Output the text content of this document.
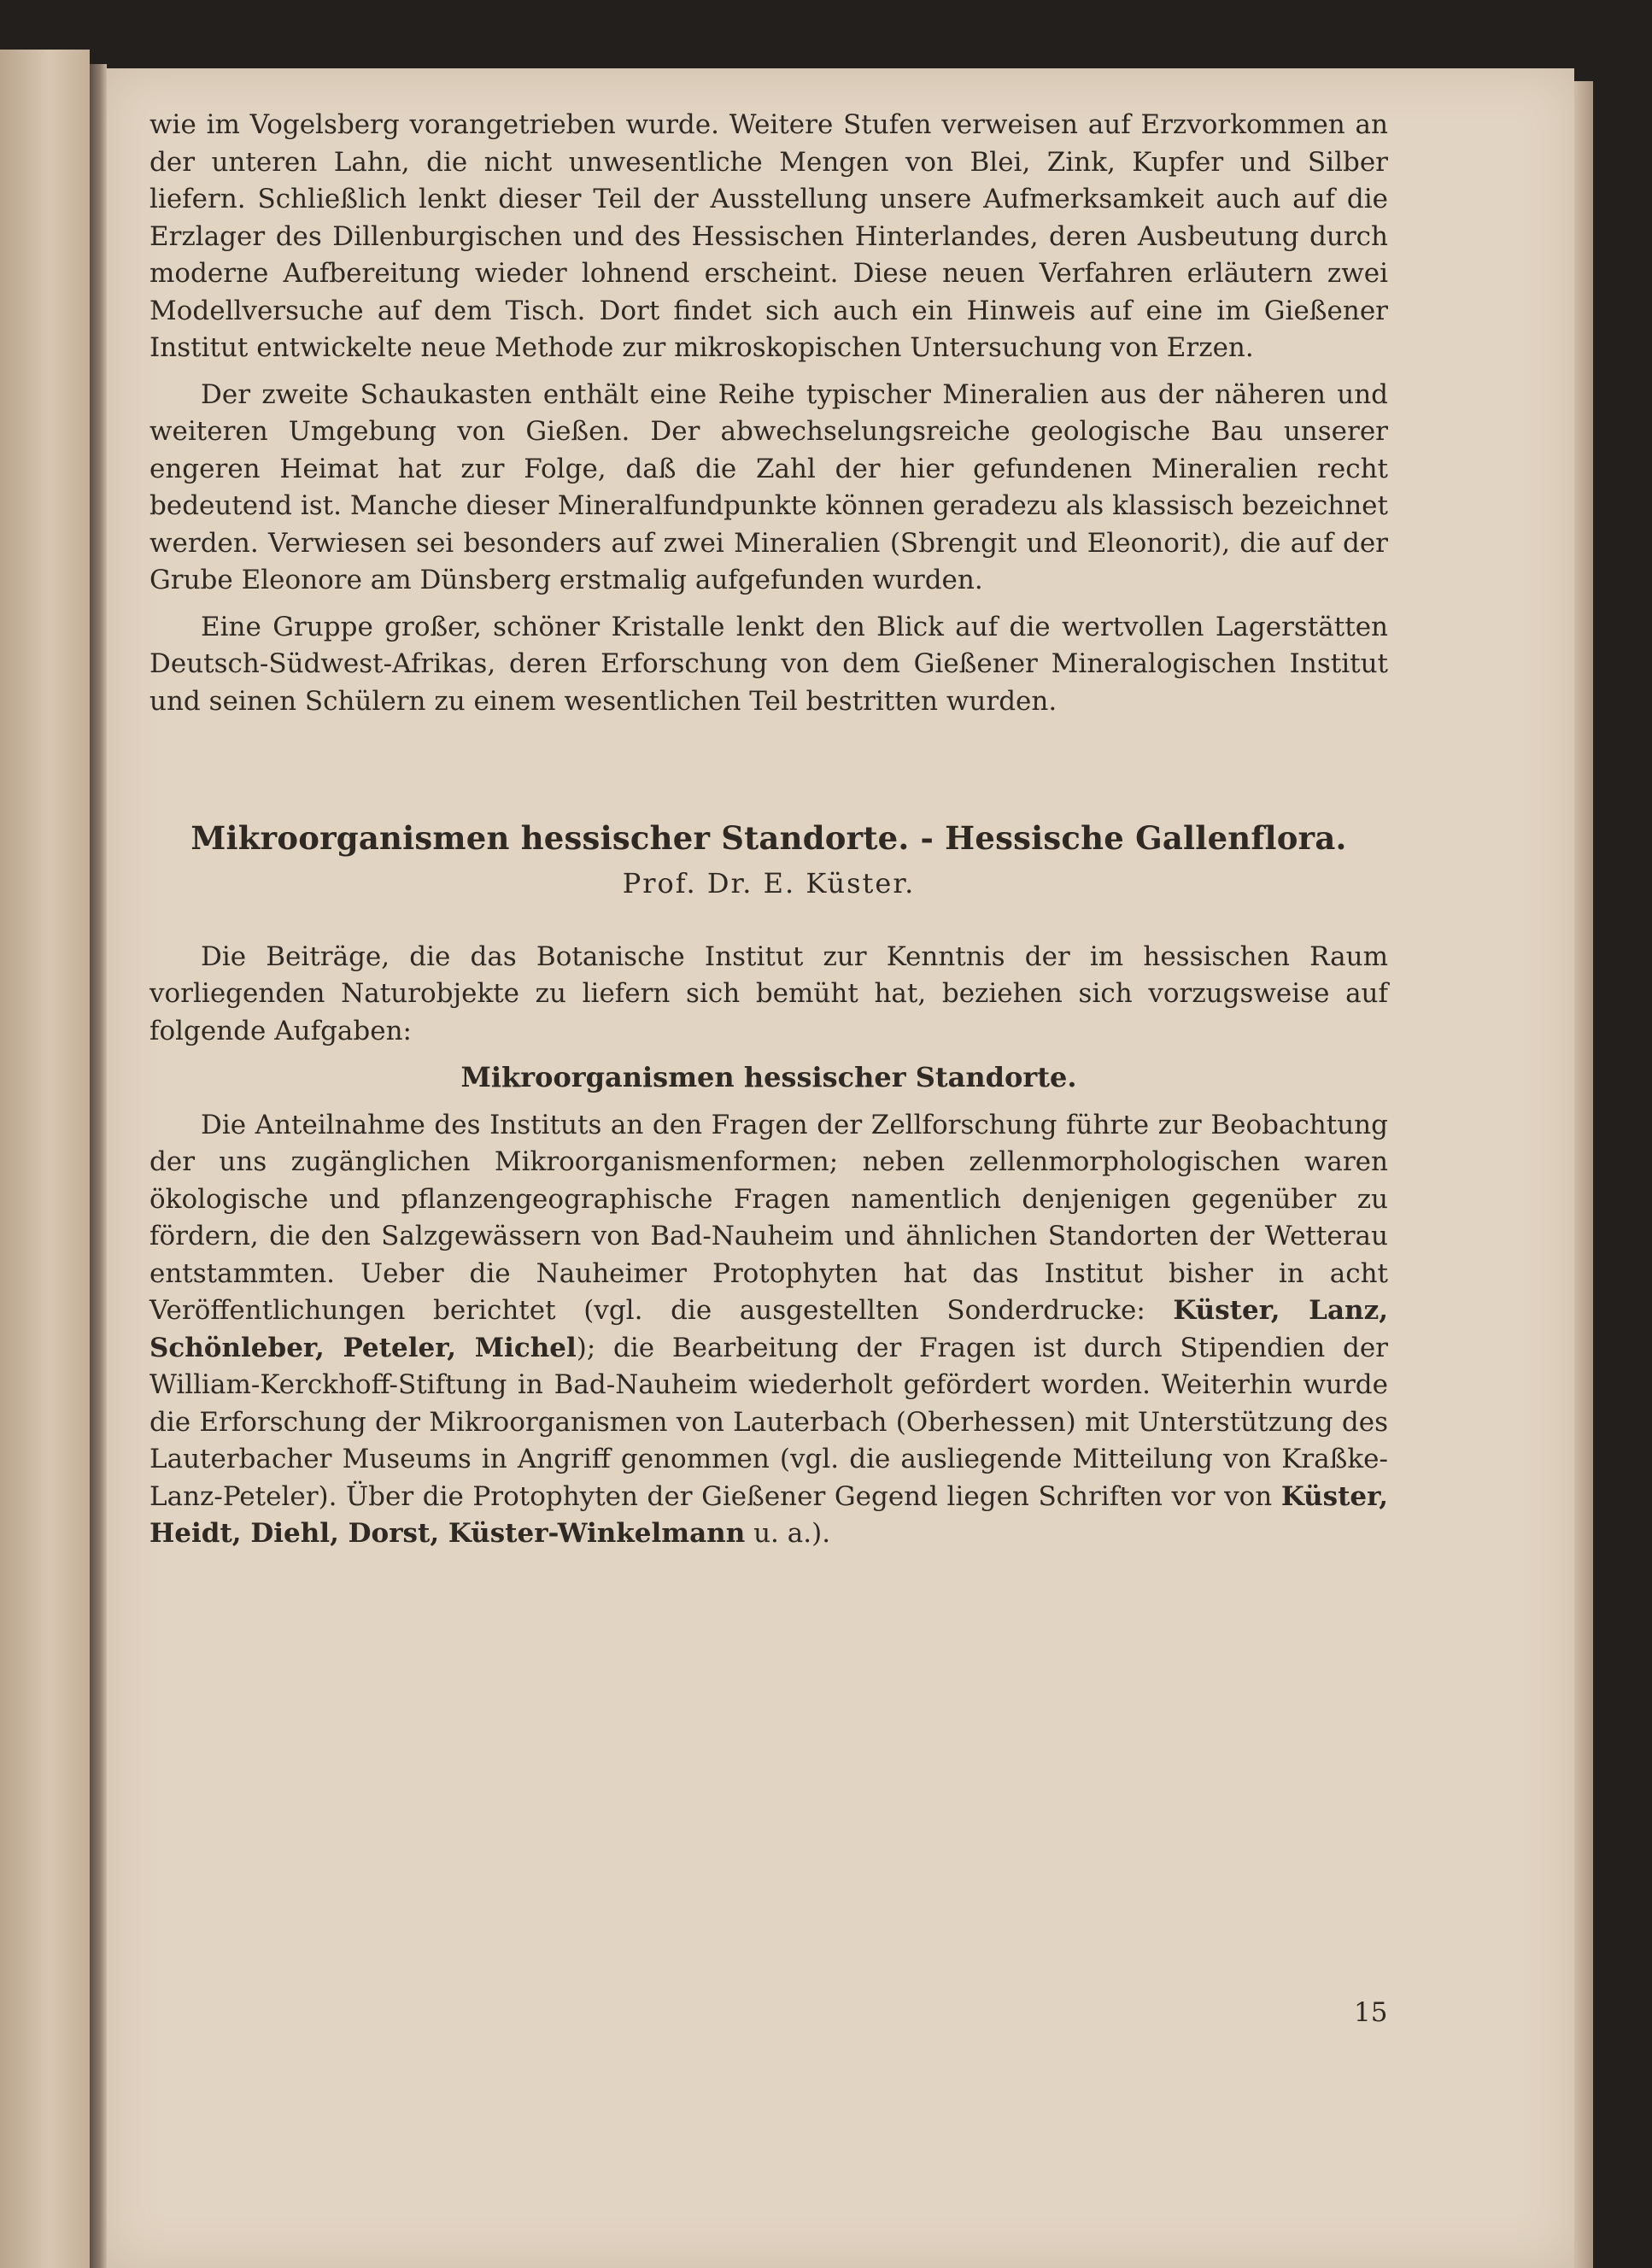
wie im Vogelsberg vorangetrieben wurde. Weitere Stufen verweisen auf Erzvorkommen an der unteren Lahn, die nicht unwesentliche Mengen von Blei, Zink, Kupfer und Silber liefern. Schließlich lenkt dieser Teil der Ausstellung unsere Aufmerksamkeit auch auf die Erzlager des Dillenburgischen und des Hessischen Hinterlandes, deren Ausbeutung durch moderne Aufbereitung wieder lohnend erscheint. Diese neuen Verfahren erläutern zwei Modellversuche auf dem Tisch. Dort findet sich auch ein Hinweis auf eine im Gießener Institut entwickelte neue Methode zur mikroskopischen Untersuchung von Erzen.

Der zweite Schaukasten enthält eine Reihe typischer Mineralien aus der näheren und weiteren Umgebung von Gießen. Der abwechselungsreiche geologische Bau unserer engeren Heimat hat zur Folge, daß die Zahl der hier gefundenen Mineralien recht bedeutend ist. Manche dieser Mineralfundpunkte können geradezu als klassisch bezeichnet werden. Verwiesen sei besonders auf zwei Mineralien (Sbrengit und Eleonorit), die auf der Grube Eleonore am Dünsberg erstmalig aufgefunden wurden.

Eine Gruppe großer, schöner Kristalle lenkt den Blick auf die wertvollen Lagerstätten Deutsch-Südwest-Afrikas, deren Erforschung von dem Gießener Mineralogischen Institut und seinen Schülern zu einem wesentlichen Teil bestritten wurden.

Mikroorganismen hessischer Standorte. - Hessische Gallenflora.
Prof. Dr. E. Küster.

Die Beiträge, die das Botanische Institut zur Kenntnis der im hessischen Raum vorliegenden Naturobjekte zu liefern sich bemüht hat, beziehen sich vorzugsweise auf folgende Aufgaben:

Mikroorganismen hessischer Standorte.

Die Anteilnahme des Instituts an den Fragen der Zellforschung führte zur Beobachtung der uns zugänglichen Mikroorganismenformen; neben zellenmorphologischen waren ökologische und pflanzengeographische Fragen namentlich denjenigen gegenüber zu fördern, die den Salzgewässern von Bad-Nauheim und ähnlichen Standorten der Wetterau entstammten. Ueber die Nauheimer Protophyten hat das Institut bisher in acht Veröffentlichungen berichtet (vgl. die ausgestellten Sonderdrucke: Küster, Lanz, Schönleber, Peteler, Michel); die Bearbeitung der Fragen ist durch Stipendien der William-Kerckhoff-Stiftung in Bad-Nauheim wiederholt gefördert worden. Weiterhin wurde die Erforschung der Mikroorganismen von Lauterbach (Oberhessen) mit Unterstützung des Lauterbacher Museums in Angriff genommen (vgl. die ausliegende Mitteilung von Kraßke-Lanz-Peteler). Über die Protophyten der Gießener Gegend liegen Schriften vor von Küster, Heidt, Diehl, Dorst, Küster-Winkelmann u. a.).

15
